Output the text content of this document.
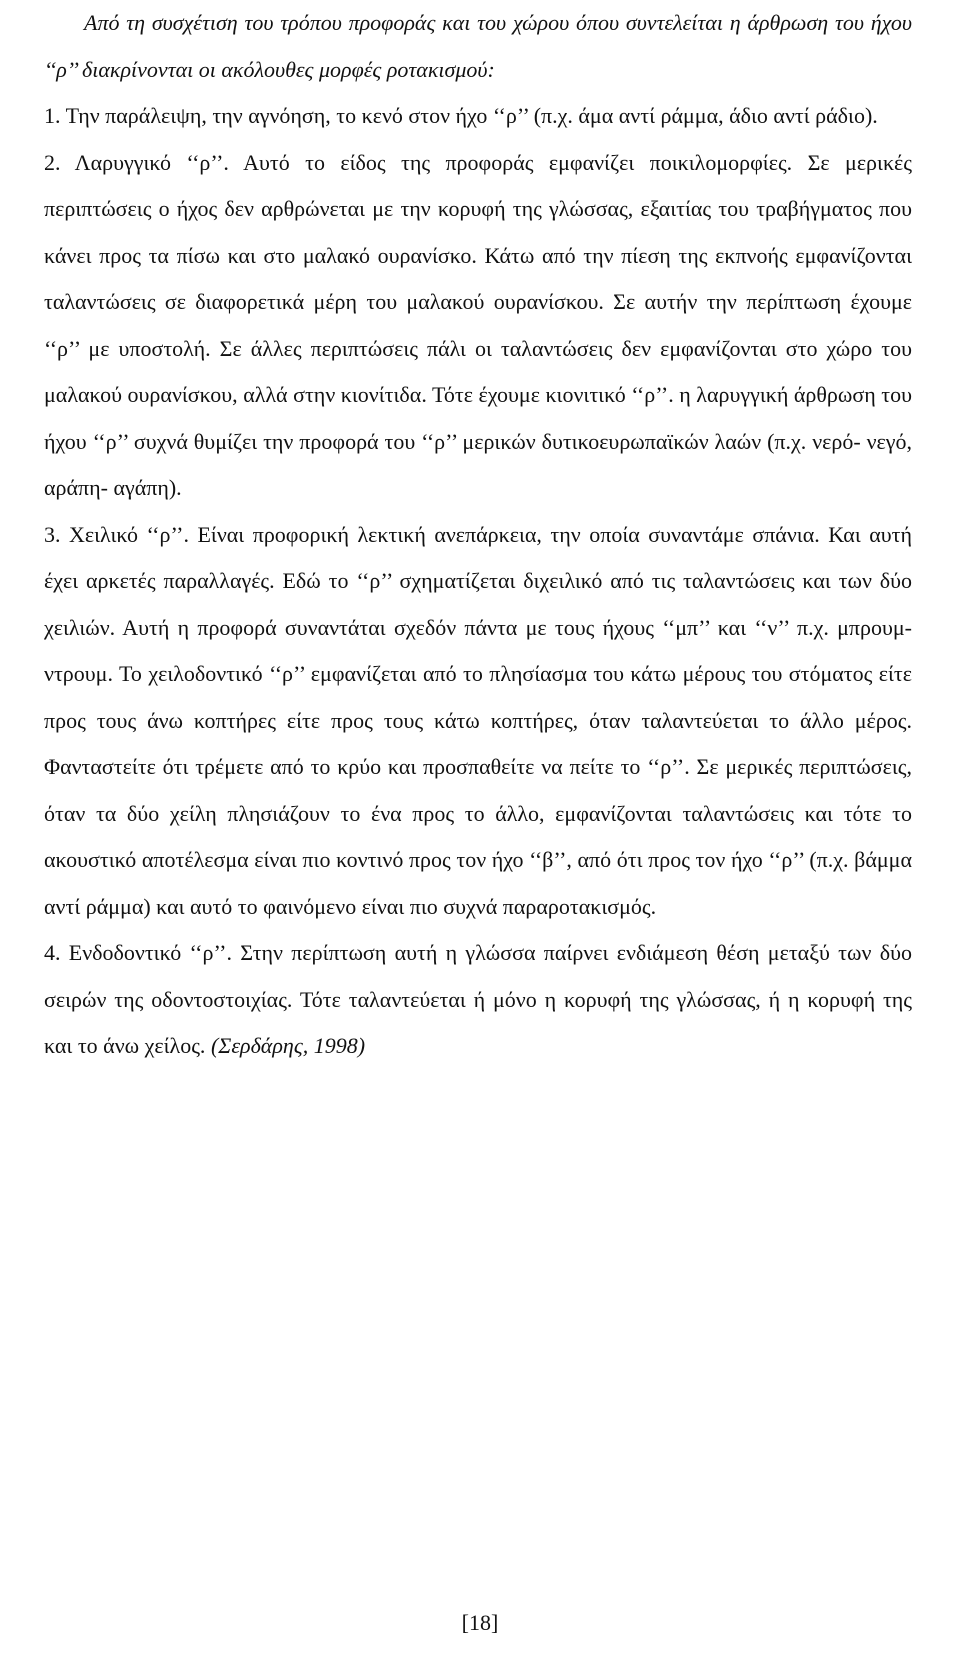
Από τη συσχέτιση του τρόπου προφοράς και του χώρου όπου συντελείται η άρθρωση του ήχου ‘‘ρ’’ διακρίνονται οι ακόλουθες μορφές ροτακισμού:

1. Την παράλειψη, την αγνόηση, το κενό στον ήχο ‘‘ρ’’ (π.χ. άμα αντί ράμμα, άδιο αντί ράδιο).

2. Λαρυγγικό ‘‘ρ’’. Αυτό το είδος της προφοράς εμφανίζει ποικιλομορφίες. Σε μερικές περιπτώσεις ο ήχος δεν αρθρώνεται με την κορυφή της γλώσσας, εξαιτίας του τραβήγματος που κάνει προς τα πίσω και στο μαλακό ουρανίσκο. Κάτω από την πίεση της εκπνοής εμφανίζονται ταλαντώσεις σε διαφορετικά μέρη του μαλακού ουρανίσκου. Σε αυτήν την περίπτωση έχουμε ‘‘ρ’’ με υποστολή. Σε άλλες περιπτώσεις πάλι οι ταλαντώσεις δεν εμφανίζονται στο χώρο του μαλακού ουρανίσκου, αλλά στην κιονίτιδα. Τότε έχουμε κιονιτικό ‘‘ρ’’. η λαρυγγική άρθρωση του ήχου ‘‘ρ’’ συχνά θυμίζει την προφορά του ‘‘ρ’’ μερικών δυτικοευρωπαϊκών λαών (π.χ. νερό- νεγό, αράπη- αγάπη).

3. Χειλικό ‘‘ρ’’. Είναι προφορική λεκτική ανεπάρκεια, την οποία συναντάμε σπάνια. Και αυτή έχει αρκετές παραλλαγές. Εδώ το ‘‘ρ’’ σχηματίζεται διχειλικό από τις ταλαντώσεις και των δύο χειλιών. Αυτή η προφορά συναντάται σχεδόν πάντα με τους ήχους ‘‘μπ’’ και ‘‘ν’’ π.χ. μπρουμ- ντρουμ. Το χειλοδοντικό ‘‘ρ’’ εμφανίζεται από το πλησίασμα του κάτω μέρους του στόματος είτε προς τους άνω κοπτήρες είτε προς τους κάτω κοπτήρες, όταν ταλαντεύεται το άλλο μέρος. Φανταστείτε ότι τρέμετε από το κρύο και προσπαθείτε να πείτε το ‘‘ρ’’. Σε μερικές περιπτώσεις, όταν τα δύο χείλη πλησιάζουν το ένα προς το άλλο, εμφανίζονται ταλαντώσεις και τότε το ακουστικό αποτέλεσμα είναι πιο κοντινό προς τον ήχο ‘‘β’’, από ότι προς τον ήχο ‘‘ρ’’ (π.χ. βάμμα αντί ράμμα) και αυτό το φαινόμενο είναι πιο συχνά παραροτακισμός.

4. Ενδοδοντικό ‘‘ρ’’. Στην περίπτωση αυτή η γλώσσα παίρνει ενδιάμεση θέση μεταξύ των δύο σειρών της οδοντοστοιχίας. Τότε ταλαντεύεται ή μόνο η κορυφή της γλώσσας, ή η κορυφή της και το άνω χείλος. (Σερδάρης, 1998)

[18]
